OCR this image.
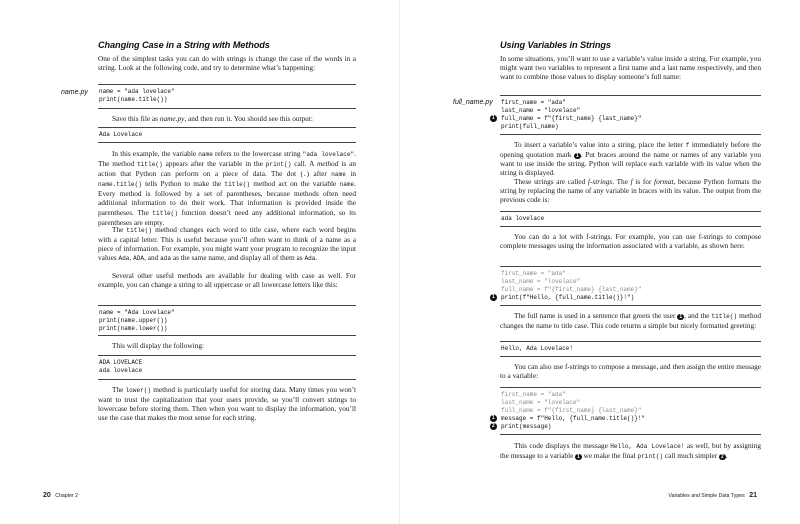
Changing Case in a String with Methods

One of the simplest tasks you can do with strings is change the case of the words in a string. Look at the following code, and try to determine what’s happening:

name.py name = "ada lovelace"
print(name.title())

Save this file as name.py, and then run it. You should see this output:

Ada Lovelace

In this example, the variable name refers to the lowercase string "ada lovelace". The method title() appears after the variable in the print() call. A method is an action that Python can perform on a piece of data. The dot (.) after name in name.title() tells Python to make the title() method act on the variable name. Every method is followed by a set of parentheses, because methods often need additional information to do their work. That information is provided inside the parentheses. The title() function doesn’t need any additional information, so its parentheses are empty.

The title() method changes each word to title case, where each word begins with a capital letter. This is useful because you’ll often want to think of a name as a piece of information. For example, you might want your program to recognize the input values Ada, ADA, and ada as the same name, and display all of them as Ada.

Several other useful methods are available for dealing with case as well. For example, you can change a string to all uppercase or all lowercase letters like this:

name = "Ada Lovelace"
print(name.upper())
print(name.lower())

This will display the following:

ADA LOVELACE
ada lovelace

The lower() method is particularly useful for storing data. Many times you won’t want to trust the capitalization that your users provide, so you’ll convert strings to lowercase before storing them. Then when you want to display the information, you’ll use the case that makes the most sense for each string.

20 Chapter 2
Using Variables in Strings

In some situations, you’ll want to use a variable’s value inside a string. For example, you might want two variables to represent a first name and a last name respectively, and then want to combine those values to display someone’s full name:

full_name.py
1
first_name = "ada"
last_name = "lovelace"
full_name = f"{first_name} {last_name}"
print(full_name)

To insert a variable’s value into a string, place the letter f immediately before the opening quotation mark 1 . Put braces around the name or names of any variable you want to use inside the string. Python will replace each variable with its value when the string is displayed.

These strings are called f-strings. The f is for format, because Python formats the string by replacing the name of any variable in braces with its value. The output from the previous code is:

ada lovelace

You can do a lot with f-strings. For example, you can use f-strings to compose complete messages using the information associated with a variable, as shown here:

1
first_name = "ada"
last_name = "lovelace"
full_name = f"{first_name} {last_name}"
print(f"Hello, {full_name.title()}!")

The full name is used in a sentence that greets the user 1 , and the title() method changes the name to title case. This code returns a simple but nicely formatted greeting:

Hello, Ada Lovelace!

You can also use f-strings to compose a message, and then assign the entire message to a variable:

1
2
first_name = "ada"
last_name = "lovelace"
full_name = f"{first_name} {last_name}"
message = f"Hello, {full_name.title()}!"
print(message)

This code displays the message Hello, Ada Lovelace! as well, but by assigning the message to a variable 1 we make the final print() call much simpler 2 .

Variables and Simple Data Types 21
